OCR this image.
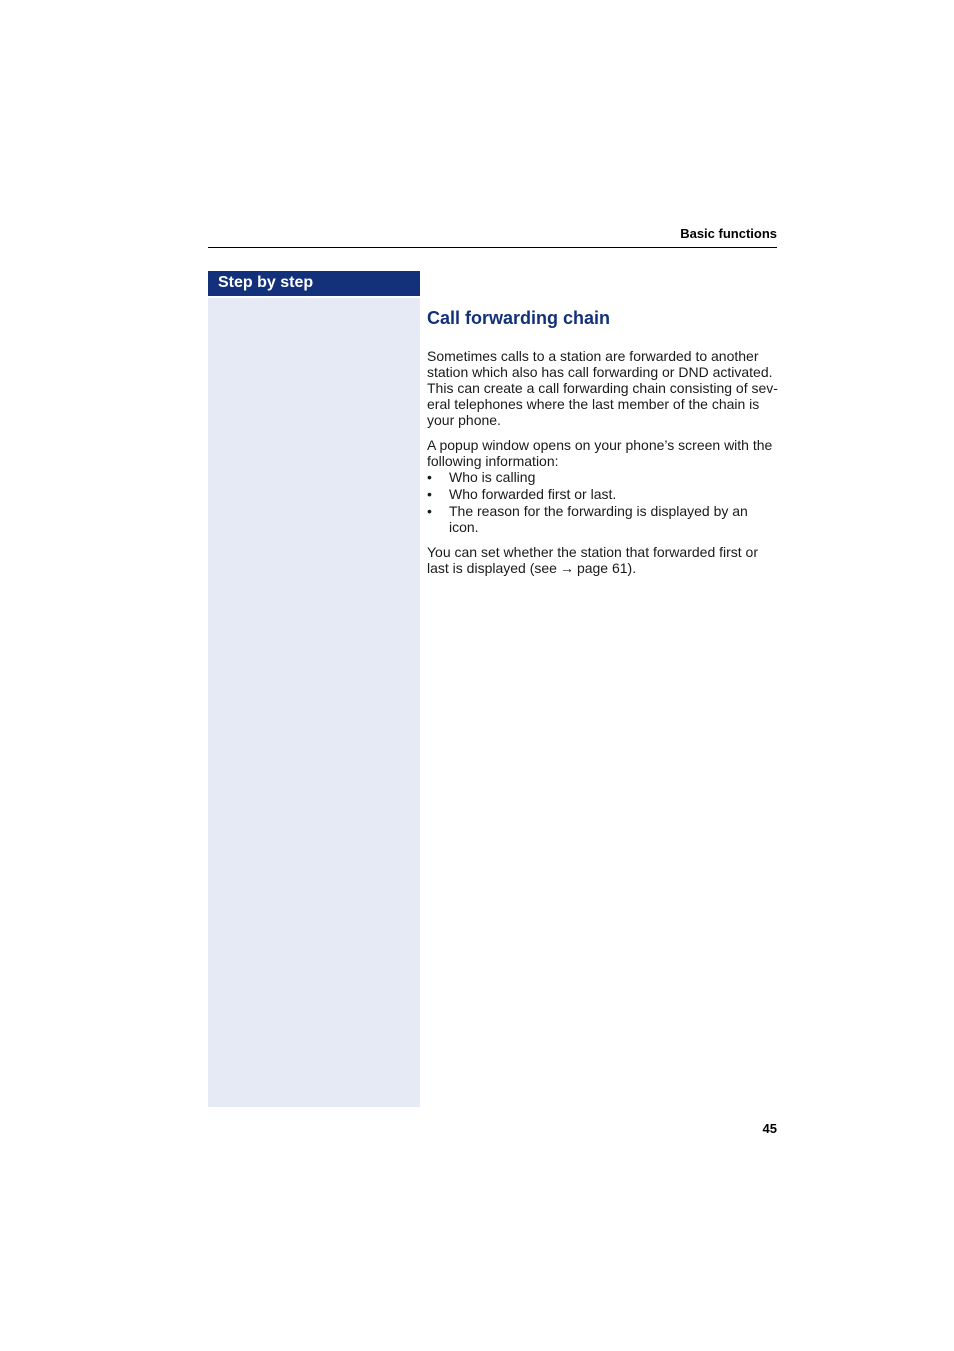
Basic functions
Step by step
Call forwarding chain

Sometimes calls to a station are forwarded to another station which also has call forwarding or DND activated. This can create a call forwarding chain consisting of sev-eral telephones where the last member of the chain is your phone.

A popup window opens on your phone’s screen with the following information:

•	Who is calling
•	Who forwarded first or last.
•	The reason for the forwarding is displayed by an icon.

You can set whether the station that forwarded first or last is displayed (see → page 61).

45
